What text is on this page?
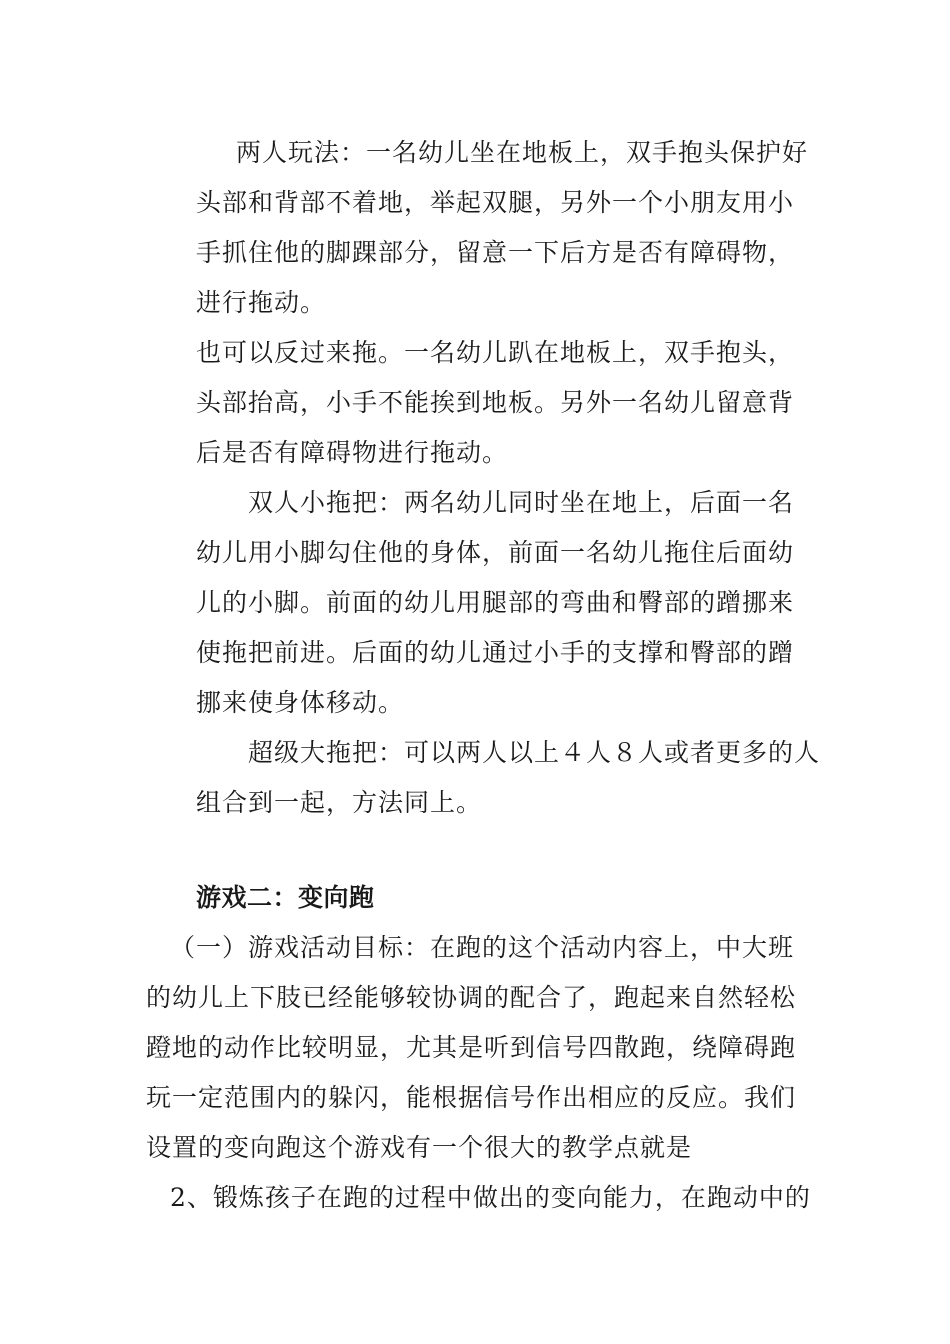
两人玩法：一名幼儿坐在地板上，双手抱头保护好
头部和背部不着地，举起双腿，另外一个小朋友用小
手抓住他的脚踝部分，留意一下后方是否有障碍物，
进行拖动。
也可以反过来拖。一名幼儿趴在地板上，双手抱头，
头部抬高，小手不能挨到地板。另外一名幼儿留意背
后是否有障碍物进行拖动。
双人小拖把：两名幼儿同时坐在地上，后面一名
幼儿用小脚勾住他的身体，前面一名幼儿拖住后面幼
儿的小脚。前面的幼儿用腿部的弯曲和臀部的蹭挪来
使拖把前进。后面的幼儿通过小手的支撑和臀部的蹭
挪来使身体移动。
超级大拖把：可以两人以上４人８人或者更多的人
组合到一起，方法同上。
游戏二：变向跑
（一）游戏活动目标：在跑的这个活动内容上，中大班
的幼儿上下肢已经能够较协调的配合了，跑起来自然轻松
蹬地的动作比较明显，尤其是听到信号四散跑，绕障碍跑
玩一定范围内的躲闪，能根据信号作出相应的反应。我们
设置的变向跑这个游戏有一个很大的教学点就是
2、锻炼孩子在跑的过程中做出的变向能力，在跑动中的
